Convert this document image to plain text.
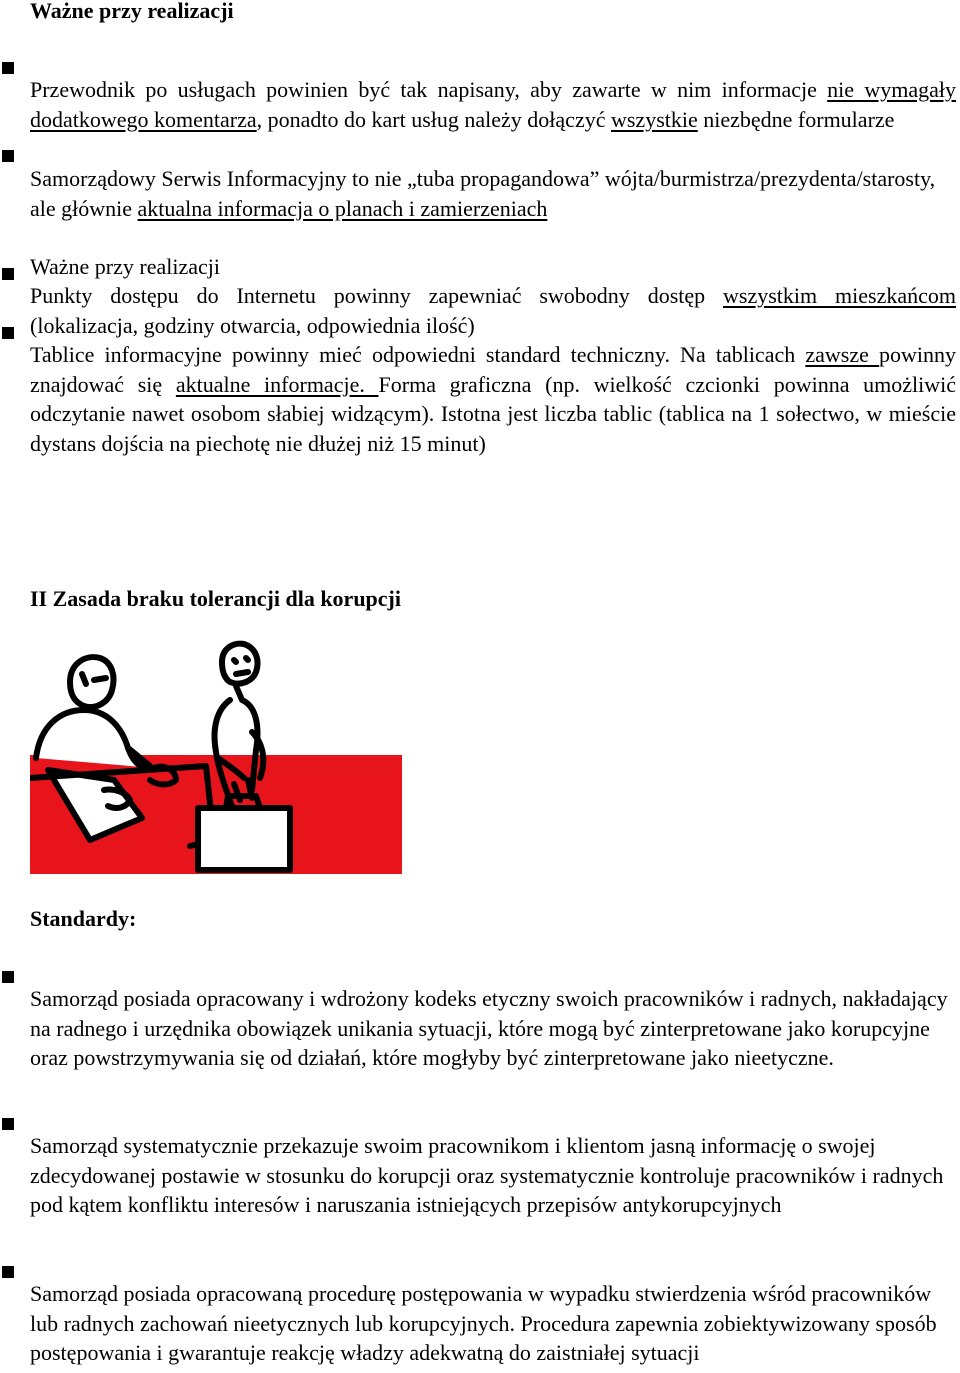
Ważne przy realizacji

Przewodnik po usługach powinien być tak napisany, aby zawarte w nim informacje nie wymagały dodatkowego komentarza, ponadto do kart usług należy dołączyć wszystkie niezbędne formularze

Samorządowy Serwis Informacyjny to nie „tuba propagandowa” wójta/burmistrza/prezydenta/starosty, ale głównie aktualna informacja o planach i zamierzeniach

Ważne przy realizacji

Punkty dostępu do Internetu powinny zapewniać swobodny dostęp wszystkim mieszkańcom (lokalizacja, godziny otwarcia, odpowiednia ilość)

Tablice informacyjne powinny mieć odpowiedni standard techniczny. Na tablicach zawsze powinny znajdować się aktualne informacje. Forma graficzna (np. wielkość czcionki powinna umożliwić odczytanie nawet osobom słabiej widzącym). Istotna jest liczba tablic (tablica na 1 sołectwo, w mieście dystans dojścia na piechotę nie dłużej niż 15 minut)

II Zasada braku tolerancji dla korupcji
Standardy:

Samorząd posiada opracowany i wdrożony kodeks etyczny swoich pracowników i radnych, nakładający na radnego i urzędnika obowiązek unikania sytuacji, które mogą być zinterpretowane jako korupcyjne oraz powstrzymywania się od działań, które mogłyby być zinterpretowane jako nieetyczne.

Samorząd systematycznie przekazuje swoim pracownikom i klientom jasną informację o swojej zdecydowanej postawie w stosunku do korupcji oraz systematycznie kontroluje pracowników i radnych pod kątem konfliktu interesów i naruszania istniejących przepisów antykorupcyjnych

Samorząd posiada opracowaną procedurę postępowania w wypadku stwierdzenia wśród pracowników lub radnych zachowań nieetycznych lub korupcyjnych. Procedura zapewnia zobiektywizowany sposób postępowania i gwarantuje reakcję władzy adekwatną do zaistniałej sytuacji
